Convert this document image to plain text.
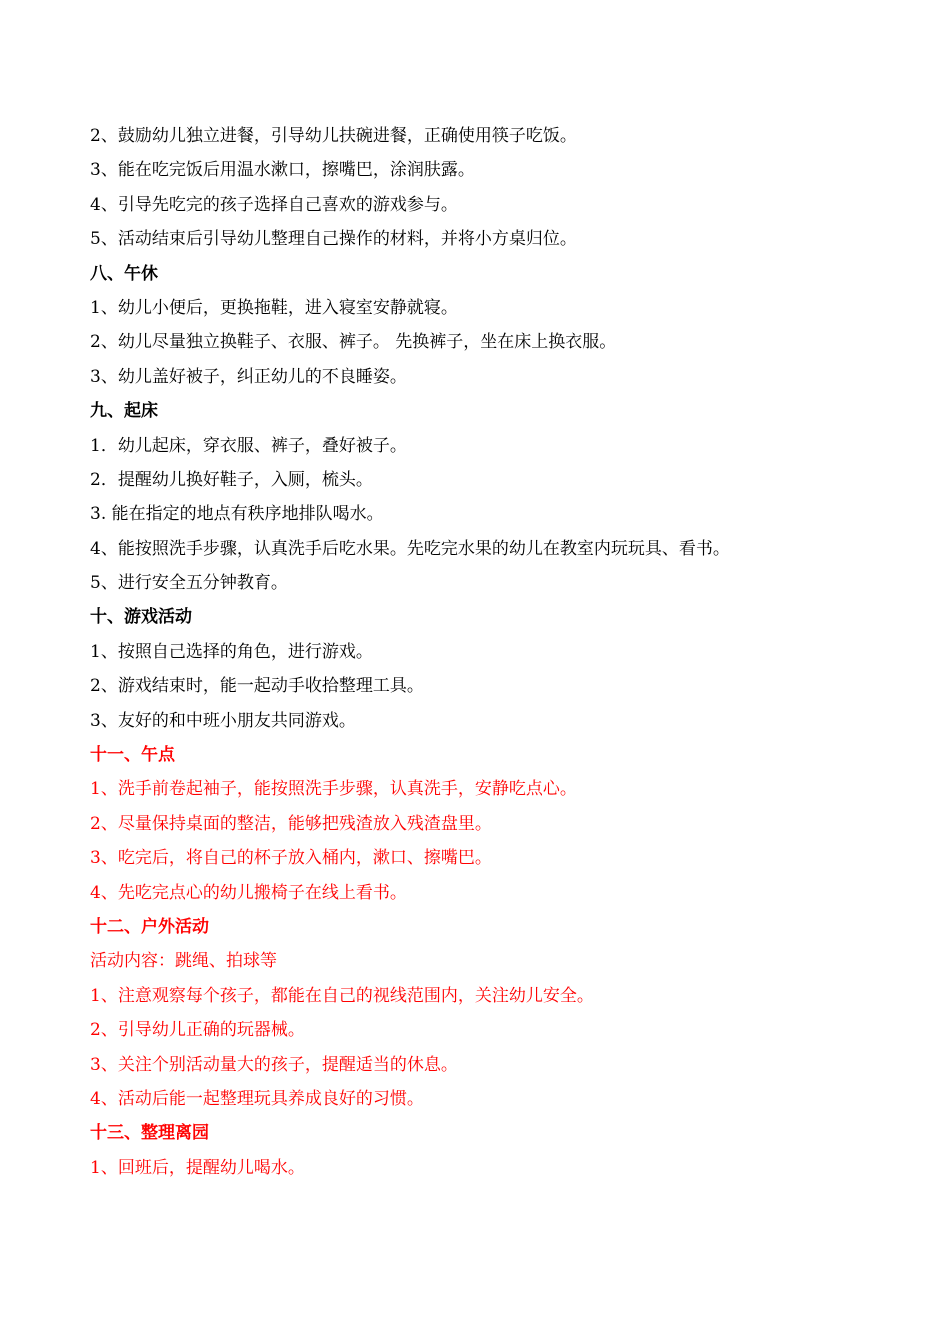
2、鼓励幼儿独立进餐，引导幼儿扶碗进餐，正确使用筷子吃饭。
3、能在吃完饭后用温水漱口，擦嘴巴，涂润肤露。
4、引导先吃完的孩子选择自己喜欢的游戏参与。
5、活动结束后引导幼儿整理自己操作的材料，并将小方桌归位。
八、午休
1、幼儿小便后，更换拖鞋，进入寝室安静就寝。
2、幼儿尽量独立换鞋子、衣服、裤子。 先换裤子，坐在床上换衣服。
3、幼儿盖好被子，纠正幼儿的不良睡姿。
九、起床
1．幼儿起床，穿衣服、裤子，叠好被子。
2．提醒幼儿换好鞋子，入厕，梳头。
3. 能在指定的地点有秩序地排队喝水。
4、能按照洗手步骤，认真洗手后吃水果。先吃完水果的幼儿在教室内玩玩具、看书。
5、进行安全五分钟教育。
十、游戏活动
1、按照自己选择的角色，进行游戏。
2、游戏结束时，能一起动手收拾整理工具。
3、友好的和中班小朋友共同游戏。
十一、午点
1、洗手前卷起袖子，能按照洗手步骤，认真洗手，安静吃点心。
2、尽量保持桌面的整洁，能够把残渣放入残渣盘里。
3、吃完后，将自己的杯子放入桶内，漱口、擦嘴巴。
4、先吃完点心的幼儿搬椅子在线上看书。
十二、户外活动
活动内容：跳绳、拍球等
1、注意观察每个孩子，都能在自己的视线范围内，关注幼儿安全。
2、引导幼儿正确的玩器械。
3、关注个别活动量大的孩子，提醒适当的休息。
4、活动后能一起整理玩具养成良好的习惯。
十三、整理离园
1、回班后，提醒幼儿喝水。
